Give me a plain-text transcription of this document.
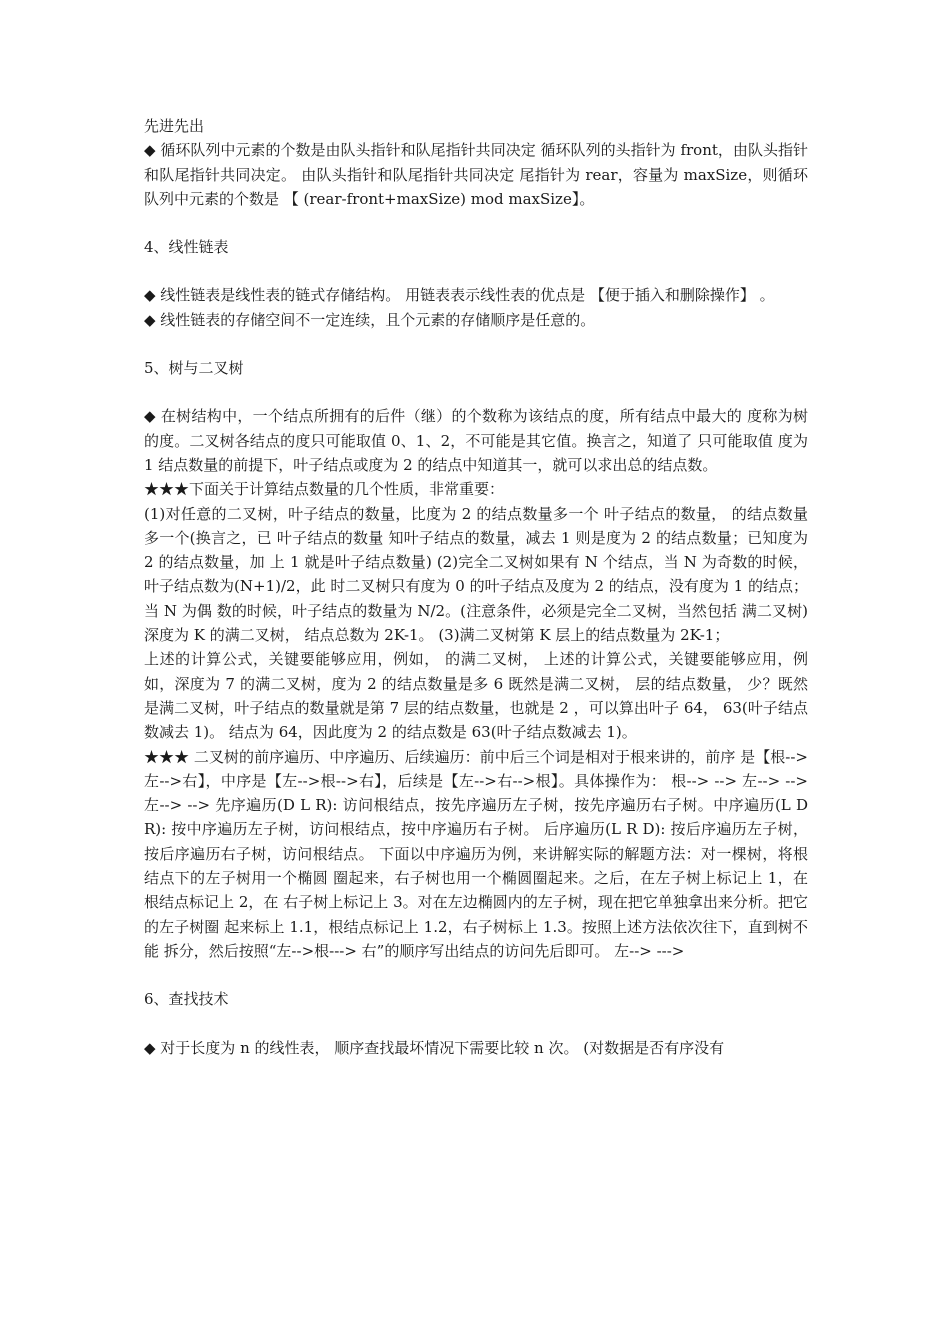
先进先出

◆ 循环队列中元素的个数是由队头指针和队尾指针共同决定 循环队列的头指针为 front，由队头指针和队尾指针共同决定。 由队头指针和队尾指针共同决定 尾指针为 rear，容量为 maxSize，则循环队列中元素的个数是 【 (rear-front+maxSize) mod maxSize】。

4、线性链表

◆ 线性链表是线性表的链式存储结构。 用链表表示线性表的优点是 【便于插入和删除操作】 。

◆ 线性链表的存储空间不一定连续，且个元素的存储顺序是任意的。

5、树与二叉树

◆ 在树结构中，一个结点所拥有的后件（继）的个数称为该结点的度，所有结点中最大的 度称为树的度。二叉树各结点的度只可能取值 0、1、2，不可能是其它值。换言之，知道了 只可能取值 度为 1 结点数量的前提下，叶子结点或度为 2 的结点中知道其一，就可以求出总的结点数。

★★★下面关于计算结点数量的几个性质，非常重要：

(1)对任意的二叉树，叶子结点的数量，比度为 2 的结点数量多一个 叶子结点的数量， 的结点数量多一个(换言之，已 叶子结点的数量 知叶子结点的数量，减去 1 则是度为 2 的结点数量；已知度为 2 的结点数量，加 上 1 就是叶子结点数量) (2)完全二叉树如果有 N 个结点，当 N 为奇数的时候，叶子结点数为(N+1)/2，此 时二叉树只有度为 0 的叶子结点及度为 2 的结点，没有度为 1 的结点；当 N 为偶 数的时候，叶子结点的数量为 N/2。(注意条件，必须是完全二叉树，当然包括 满二叉树) 深度为 K 的满二叉树， 结点总数为 2K-1。 (3)满二叉树第 K 层上的结点数量为 2K-1；

上述的计算公式，关键要能够应用，例如， 的满二叉树， 上述的计算公式，关键要能够应用，例如，深度为 7 的满二叉树，度为 2 的结点数量是多 6 既然是满二叉树， 层的结点数量， 少？既然是满二叉树，叶子结点的数量就是第 7 层的结点数量，也就是 2 ，可以算出叶子 64， 63(叶子结点数减去 1)。 结点为 64，因此度为 2 的结点数是 63(叶子结点数减去 1)。

★★★ 二叉树的前序遍历、中序遍历、后续遍历：前中后三个词是相对于根来讲的，前序 是【根-->左-->右】，中序是【左-->根-->右】，后续是【左-->右-->根】。具体操作为： 根--> --> 左--> --> 左--> --> 先序遍历(D L R): 访问根结点，按先序遍历左子树，按先序遍历右子树。中序遍历(L D R): 按中序遍历左子树，访问根结点，按中序遍历右子树。 后序遍历(L R D): 按后序遍历左子树，按后序遍历右子树，访问根结点。 下面以中序遍历为例，来讲解实际的解题方法：对一棵树，将根结点下的左子树用一个椭圆 圈起来，右子树也用一个椭圆圈起来。之后，在左子树上标记上 1，在根结点标记上 2，在 右子树上标记上 3。对在左边椭圆内的左子树，现在把它单独拿出来分析。把它的左子树圈 起来标上 1.1，根结点标记上 1.2，右子树标上 1.3。按照上述方法依次往下，直到树不能 拆分，然后按照“左-->根---> 右”的顺序写出结点的访问先后即可。 左--> --->

6、查找技术

◆ 对于长度为 n 的线性表， 顺序查找最坏情况下需要比较 n 次。 (对数据是否有序没有
